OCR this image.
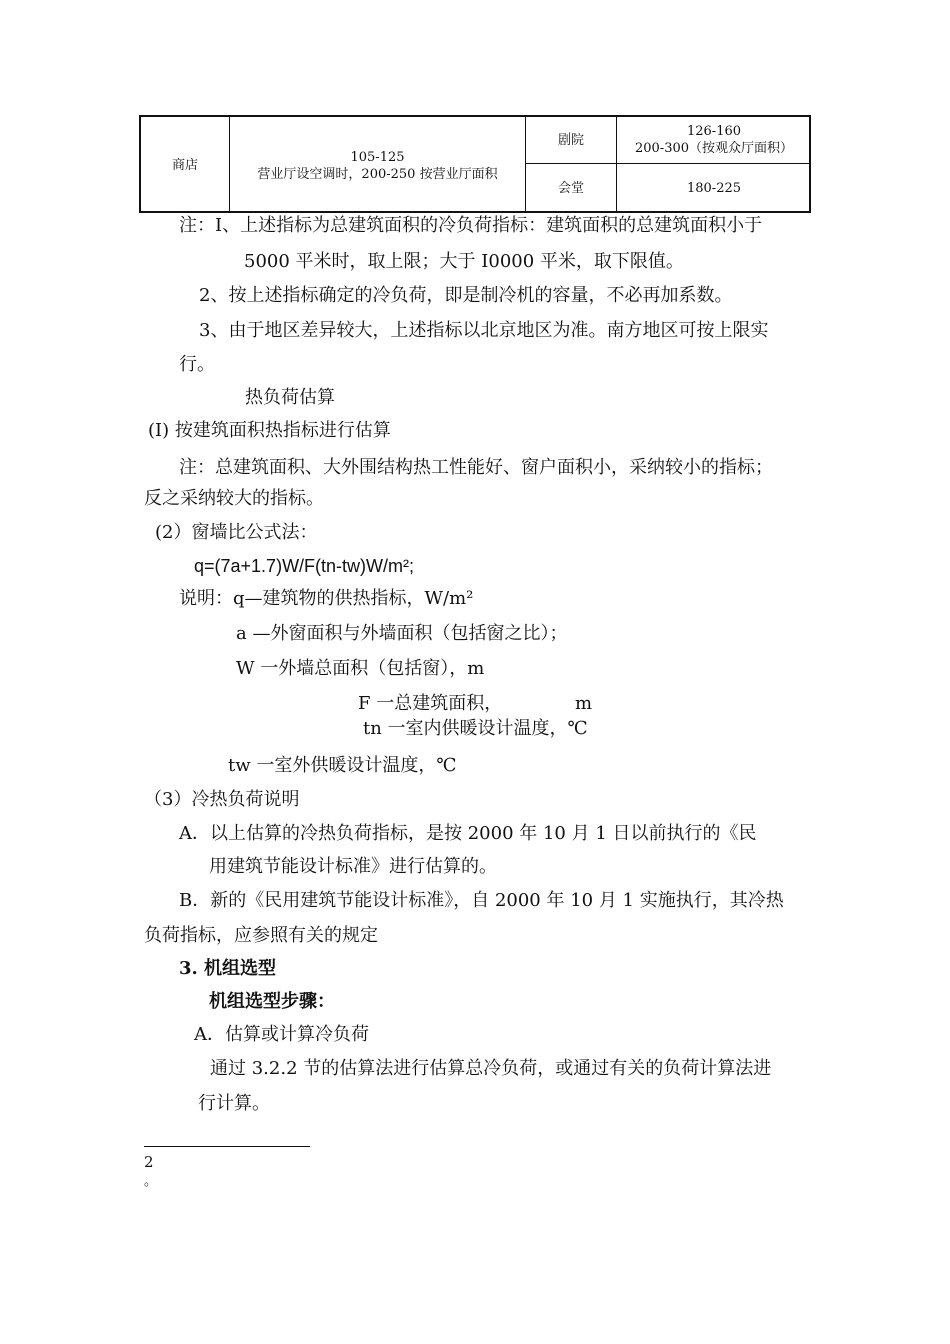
商店
105-125
营业厅设空调时，200-250 按营业厅面积
剧院
126-160
200-300（按观众厅面积）
会堂	180-225
注：I、上述指标为总建筑面积的冷负荷指标：建筑面积的总建筑面积小于
5000 平米时，取上限；大于 I0000 平米，取下限值。
2、按上述指标确定的冷负荷，即是制冷机的容量，不必再加系数。
3、由于地区差异较大，上述指标以北京地区为准。南方地区可按上限实
行。
热负荷估算
(I) 按建筑面积热指标进行估算
注：总建筑面积、大外围结构热工性能好、窗户面积小，采纳较小的指标；
反之采纳较大的指标。
(2）窗墙比公式法：
q=(7a+1.7)W/F(tn-tw)W/m²;
说明：q—建筑物的供热指标，W/m²
a —外窗面积与外墙面积（包括窗之比）；
W 一外墙总面积（包括窗），m
F 一总建筑面积，	m
tn 一室内供暖设计温度，℃
tw 一室外供暖设计温度，℃
（3）冷热负荷说明
A．以上估算的冷热负荷指标，是按 2000 年 10 月 1 日以前执行的《民
用建筑节能设计标准》进行估算的。
B．新的《民用建筑节能设计标准》，自 2000 年 10 月 1 实施执行，其冷热
负荷指标，应参照有关的规定
3. 机组选型
机组选型步骤：
A．估算或计算冷负荷
通过 3.2.2 节的估算法进行估算总冷负荷，或通过有关的负荷计算法进
行计算。
2
。
